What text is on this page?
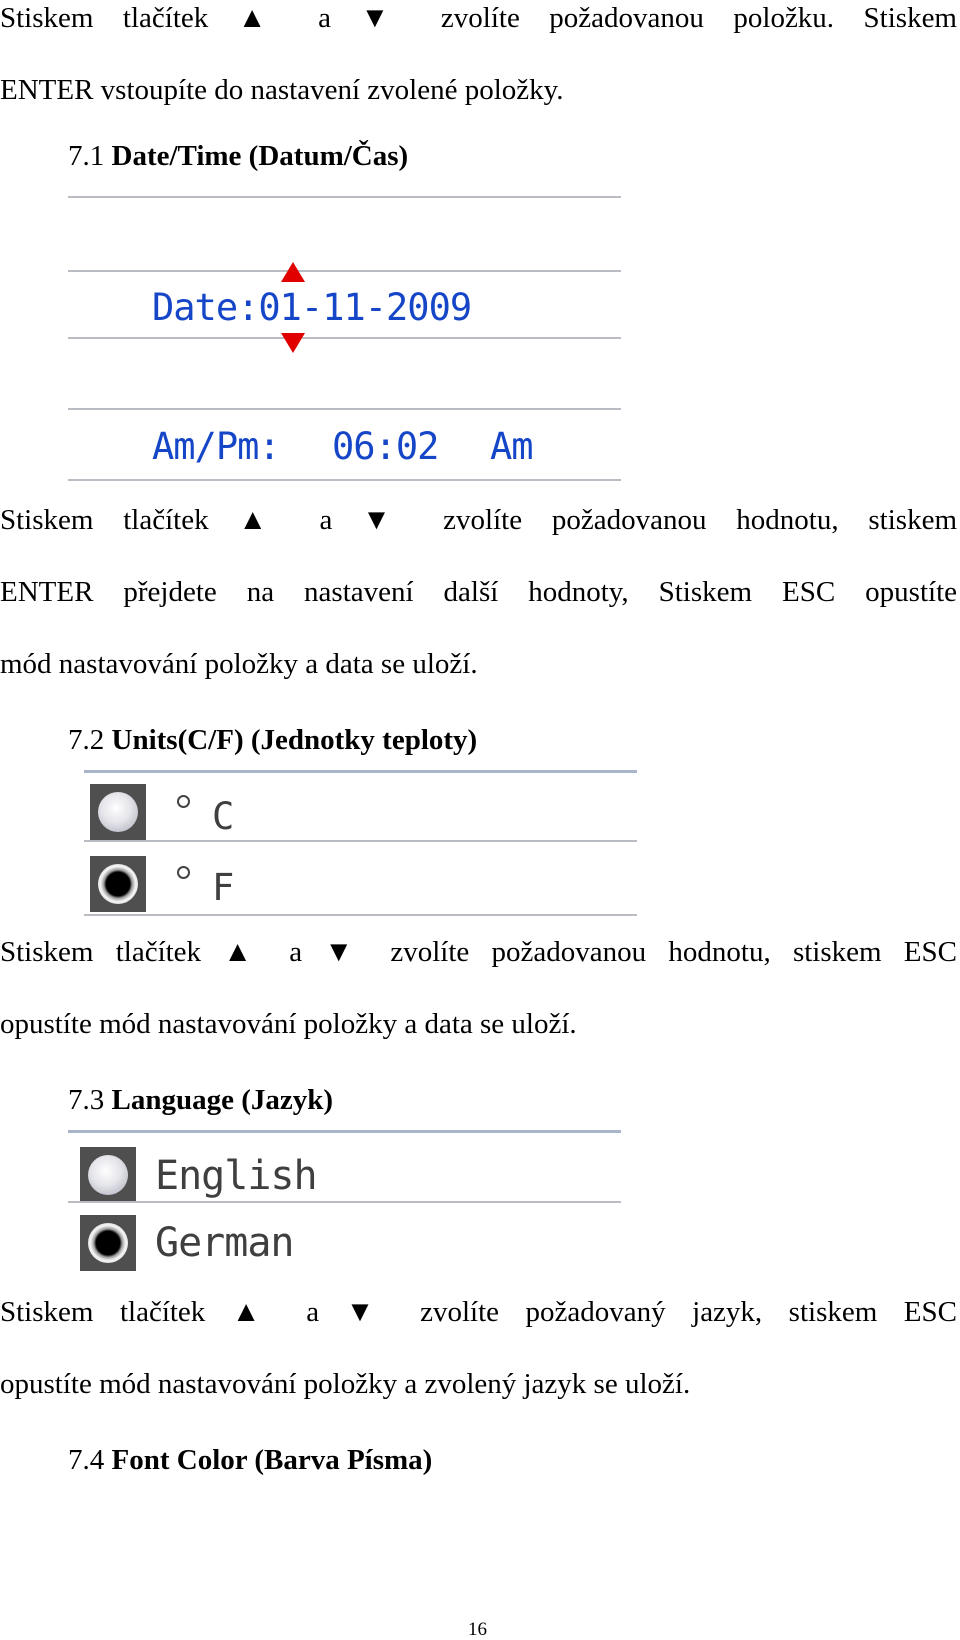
Stiskem tlačítek ▲ a ▼ zvolíte požadovanou položku. Stiskem
ENTER vstoupíte do nastavení zvolené položky.
7.1 Date/Time (Datum/Čas)
Date:01-11-2009
Am/Pm: 06:02 Am
Stiskem tlačítek ▲ a ▼ zvolíte požadovanou hodnotu, stiskem
ENTER přejdete na nastavení další hodnoty, Stiskem ESC opustíte
mód nastavování položky a data se uloží.
7.2 Units(C/F) (Jednotky teploty)
C
F
Stiskem tlačítek ▲ a ▼ zvolíte požadovanou hodnotu, stiskem ESC
opustíte mód nastavování položky a data se uloží.
7.3 Language (Jazyk)
English
German
Stiskem tlačítek ▲ a ▼ zvolíte požadovaný jazyk, stiskem ESC
opustíte mód nastavování položky a zvolený jazyk se uloží.
7.4 Font Color (Barva Písma)
16
